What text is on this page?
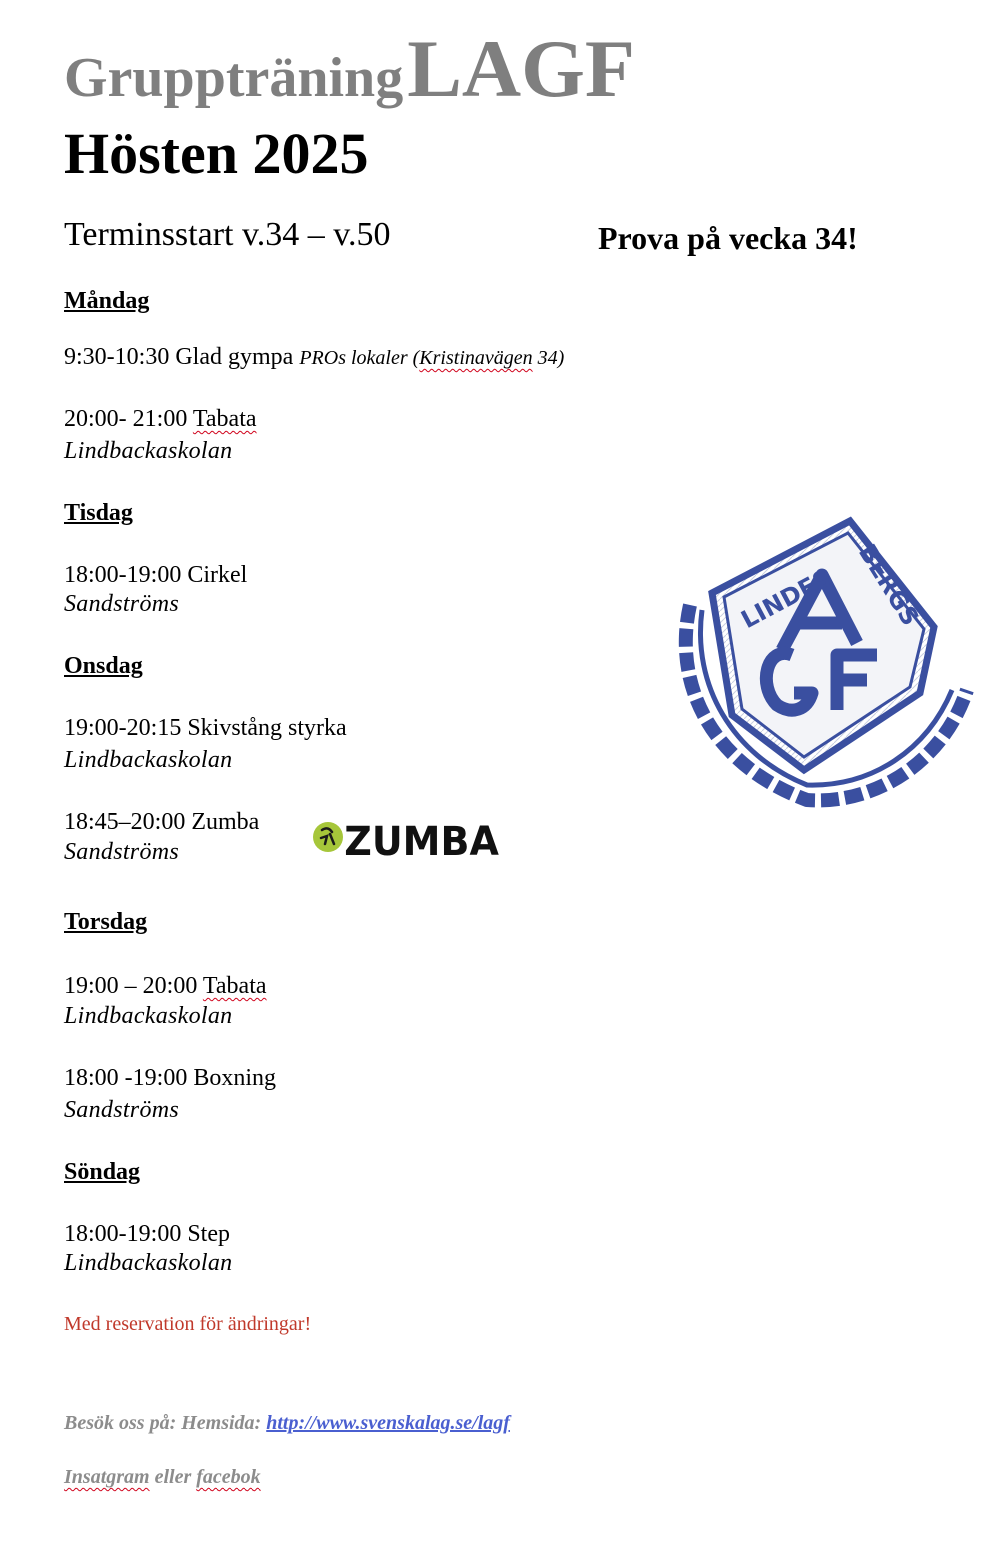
Gruppträning LAGF
Hösten 2025
Terminsstart v.34 – v.50	Prova på vecka 34!
Måndag
9:30-10:30 Glad gympa PROs lokaler (Kristinavägen 34)
20:00- 21:00 Tabata
Lindbackaskolan
Tisdag
18:00-19:00 Cirkel
Sandströms
Onsdag
19:00-20:15 Skivstång styrka
Lindbackaskolan
18:45–20:00 Zumba
Sandströms	ZUMBA
Torsdag
19:00 – 20:00 Tabata
Lindbackaskolan
18:00 -19:00 Boxning
Sandströms
Söndag
18:00-19:00 Step
Lindbackaskolan
Med reservation för ändringar!
Besök oss på: Hemsida: http://www.svenskalag.se/lagf
Insatgram eller facebok
LINDES BERGS
